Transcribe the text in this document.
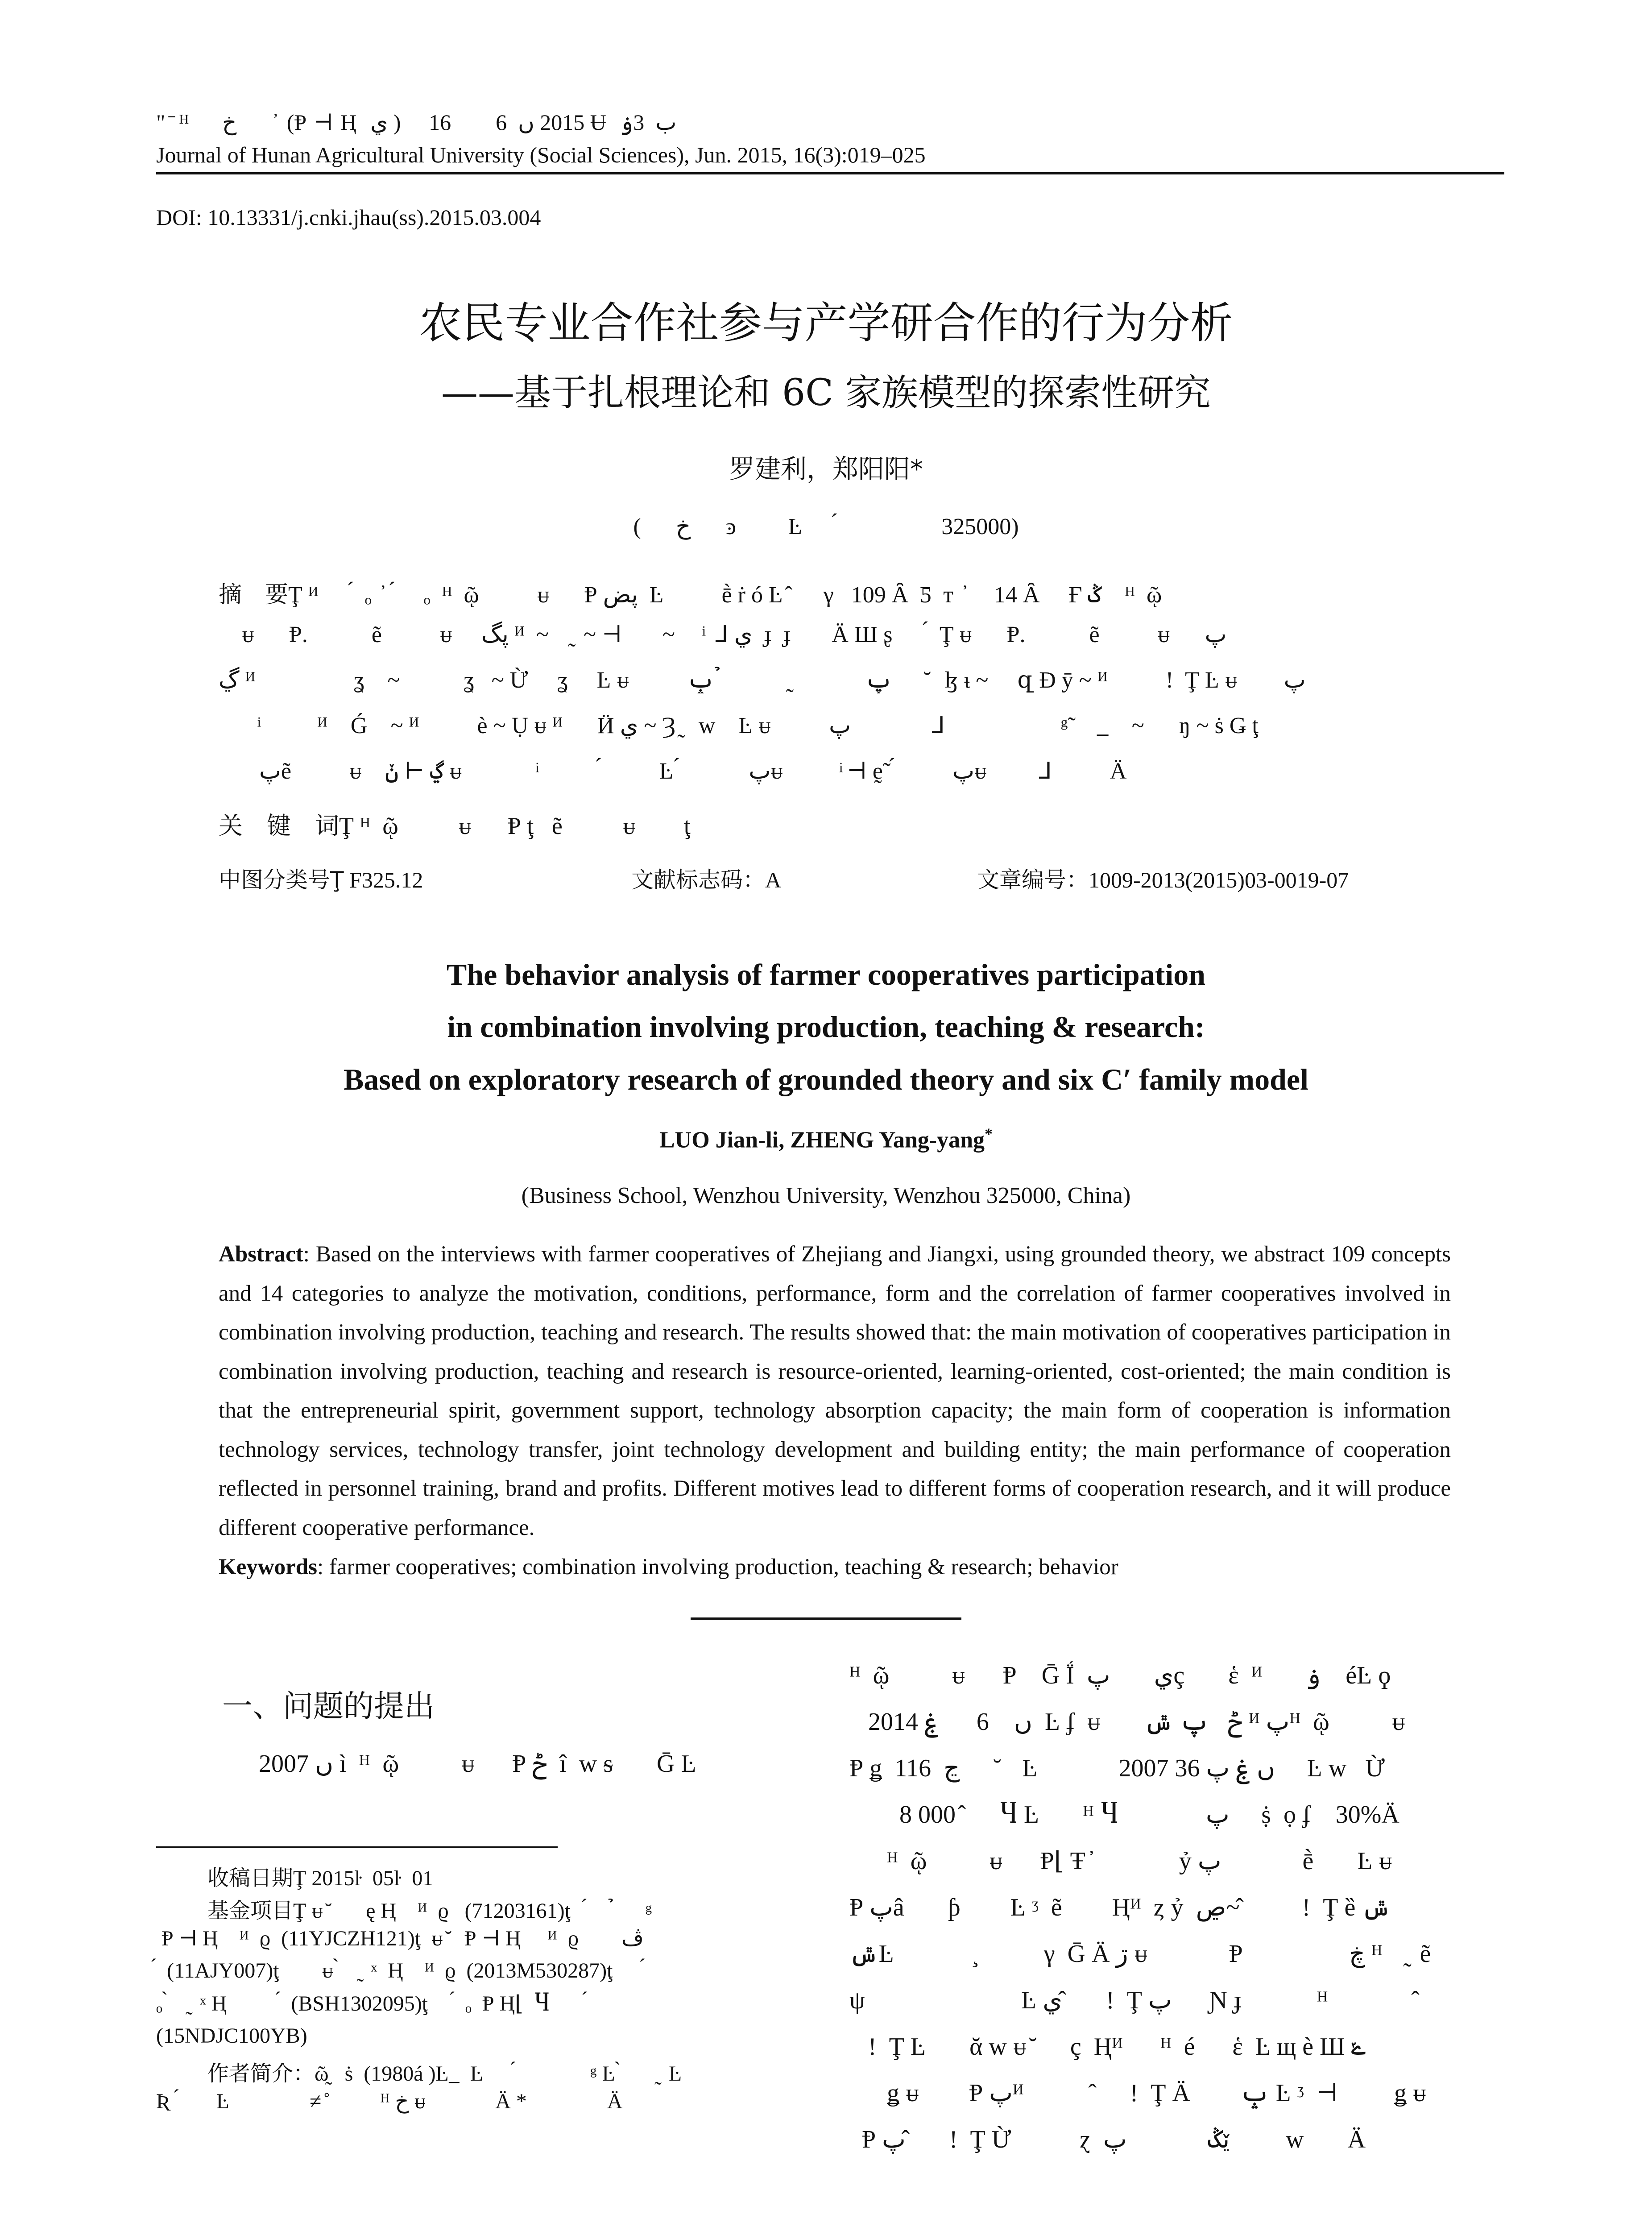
" ̄ ᴴ     خ        ̓ (Ᵽ ⊣ Ⱨ  ي )     2015 ں  6        16 Ʉ  ب  3ۏ
Journal of Hunan Agricultural University (Social Sciences), Jun. 2015, 16(3):019–025
DOI: 10.13331/j.cnki.jhau(ss).2015.03.004
农民专业合作社参与产学研合作的行为分析
——基于扎根理论和 6C 家族模型的探索性研究
罗建利，郑阳阳*
(      خ      ͽ         Ŀ      ́                  325000)
摘    要Ţ ᴻ      ́  ₒ  ̓  ́     ₒ  ᴴ  ῷ          ᵾ      Ᵽ پض  Ŀ          ḕ ṙ ó Ŀ ̂      γ   109 Ȃ  Ƽ  т  ̓     14 Ȃ     Ғ ݣ    ᴴ  ῷ
ᵾ      Ᵽ.           ẽ          ᵾ     پگ ᴻ  ~    ̰  ~ ⊣       ~     ͥ  ⅃ ي  ɟ  ɟ       Ä Ш ʂ  ⃞ ́  Ţ ᵾ      Ᵽ.           ẽ          ᵾ      پ
ڲ ᴻ                 ʓ    ~           ʓ   ~ Ừ ⃞ ʓ     Ŀ ᵾ          پ             ̰            ̉ ݒ       ̆  ɮ ᵼ ~     զ Ɖ ӯ ~ ᴻ          ǃ  Ţ Ŀ ᵾ        پ
ͥ          ᴻ    Ǵ    ~ ᴻ          è ~ Ụ ᵾ ᴻ      Ӥ ي ~ Ȝ ̰   ᴡ    Ŀ ᵾ          پ              ⅃                    ᵍ̃      ̲     ~      ŋ ~ ṡ Ǥ ţ
́      پẽ          ᵾ    ڲ ⊣ ݩ ᵾ             ͥ           ́          Ŀ ́            پᵾ          ͥ ⊣ ḛ̃  ́          پᵾ         ⅃          Ä
关    键    词Ţ ᴴ  ῷ          ᵾ      Ᵽ ţ   ẽ          ᵾ        ţ
中图分类号Ţ F325.12	文献标志码：A	文章编号：1009-2013(2015)03-0019-07
The behavior analysis of farmer cooperatives participation
in combination involving production, teaching & research:
Based on exploratory research of grounded theory and six C′ family model
LUO Jian-li, ZHENG Yang-yang*
(Business School, Wenzhou University, Wenzhou 325000, China)
Abstract: Based on the interviews with farmer cooperatives of Zhejiang and Jiangxi, using grounded theory, we abstract 109 concepts and 14 categories to analyze the motivation, conditions, performance, form and the correlation of farmer cooperatives involved in combination involving production, teaching and research. The results showed that: the main motivation of cooperatives participation in combination involving production, teaching and research is resource-oriented, learning-oriented, cost-oriented; the main condition is that the entrepreneurial spirit, government support, technology absorption capacity; the main form of cooperation is information technology services, technology transfer, joint technology development and building entity; the main performance of cooperation reflected in personnel training, brand and profits. Different motives lead to different forms of cooperation research, and it will produce different cooperative performance.
Keywords: farmer cooperatives; combination involving production, teaching & research; behavior
一、问题的提出
2007 ں ì  ᴴ  ῷ          ᵾ      Ᵽ ݲ  î  ᴡ ᵴ       Ḡ Ŀ
收稿日期Ţ 2015ŀ  05ŀ  01
基金项目Ţ ᵾ ̆       ę Ⱨ    ᴻ  ϱ   (71203161)ţ   ́     ̉      ᵍ
Ᵽ ⊣ Ⱨ    ᴻ  ϱ  (11YJCZH121)ţ  ᵾ ̆   Ᵽ ⊣ Ⱨ     ᴻ  ϱ        ڤ
́  (11AJY007)ţ        ᵾ ̀    ̰  ˣ  Ⱨ    ᴻ  ϱ  (2013M530287)ţ      ́
ₒ ̀    ̰  ˣ Ⱨ          ́  (BSH1302095)ţ     ́  ₒ  Ᵽ Ⱨ⌊  Ⴗ       ́
(15NDJC100YB)
作者简介：ῶ̰   ṡ  (1980á )Ŀ ̲   Ŀ      ́              ᵍ Ŀ ̀       ̰  Ŀ
Ʀ  ́       Ŀ               ≠ ̊          ᴴ خ ᵾ             Ä *               Ä
ᴴ  ῷ          ᵾ      Ᵽ    Ḡ Ḯ  ي       پç       ἑ  ᴻ       ۏ    éĿ ϙ
2014 ں    6      ۼ  Ŀ ʄ  ᵾ       ݲ   پ ݜ ᴻ پᴴ  ῷ          ᵾ
Ᵽ ǥ  ڃ  116      ̆    Ŀ             2007 ں ۼ پ 36 ⃞ Ŀ ᴡ   Ừ
8 000 ̂      Ⴗ Ŀ       ᴴ Ⴗ              پ ⃞ ṩ  ọ ʄ    30%Ä
ᴴ  ῷ          ᵾ      Ᵽ⌊ Ŧ ̓              ỷ پ             ḕ       Ŀ ᵾ
Ᵽ پâ       ƥ        Ŀ ᶾ  ẽ        Ⱨᴻ  ȥ ỷ  ڝ~ ̂         ǃ  Ţ ȅ ݜ
ݜĿ             ̧           γ  Ḡ Ä ڗ ᵾ             Ᵽ                 ڿ ᴴ    ̰  ẽ
ψ                         Ŀ ي ̂      ǃ  Ţ پ      Ɲ ɟ            ᴴ              ̂
ǃ  Ţ Ŀ       ᾰ ᴡ ᵾ ̆      ç  Ⱨᴻ      ᴴ  é      ἑ  Ŀ щ è Ш ݺ
ǥ ᵾ        Ᵽ پᴻ           ̂      ǃ  Ţ Ä        ݒ Ŀ ᶾ  ⊣         ǥ ᵾ
Ᵽ پ ̂      ǃ  Ţ Ừ           ɀ  ێݣ             پ         ᴡ       Ä
